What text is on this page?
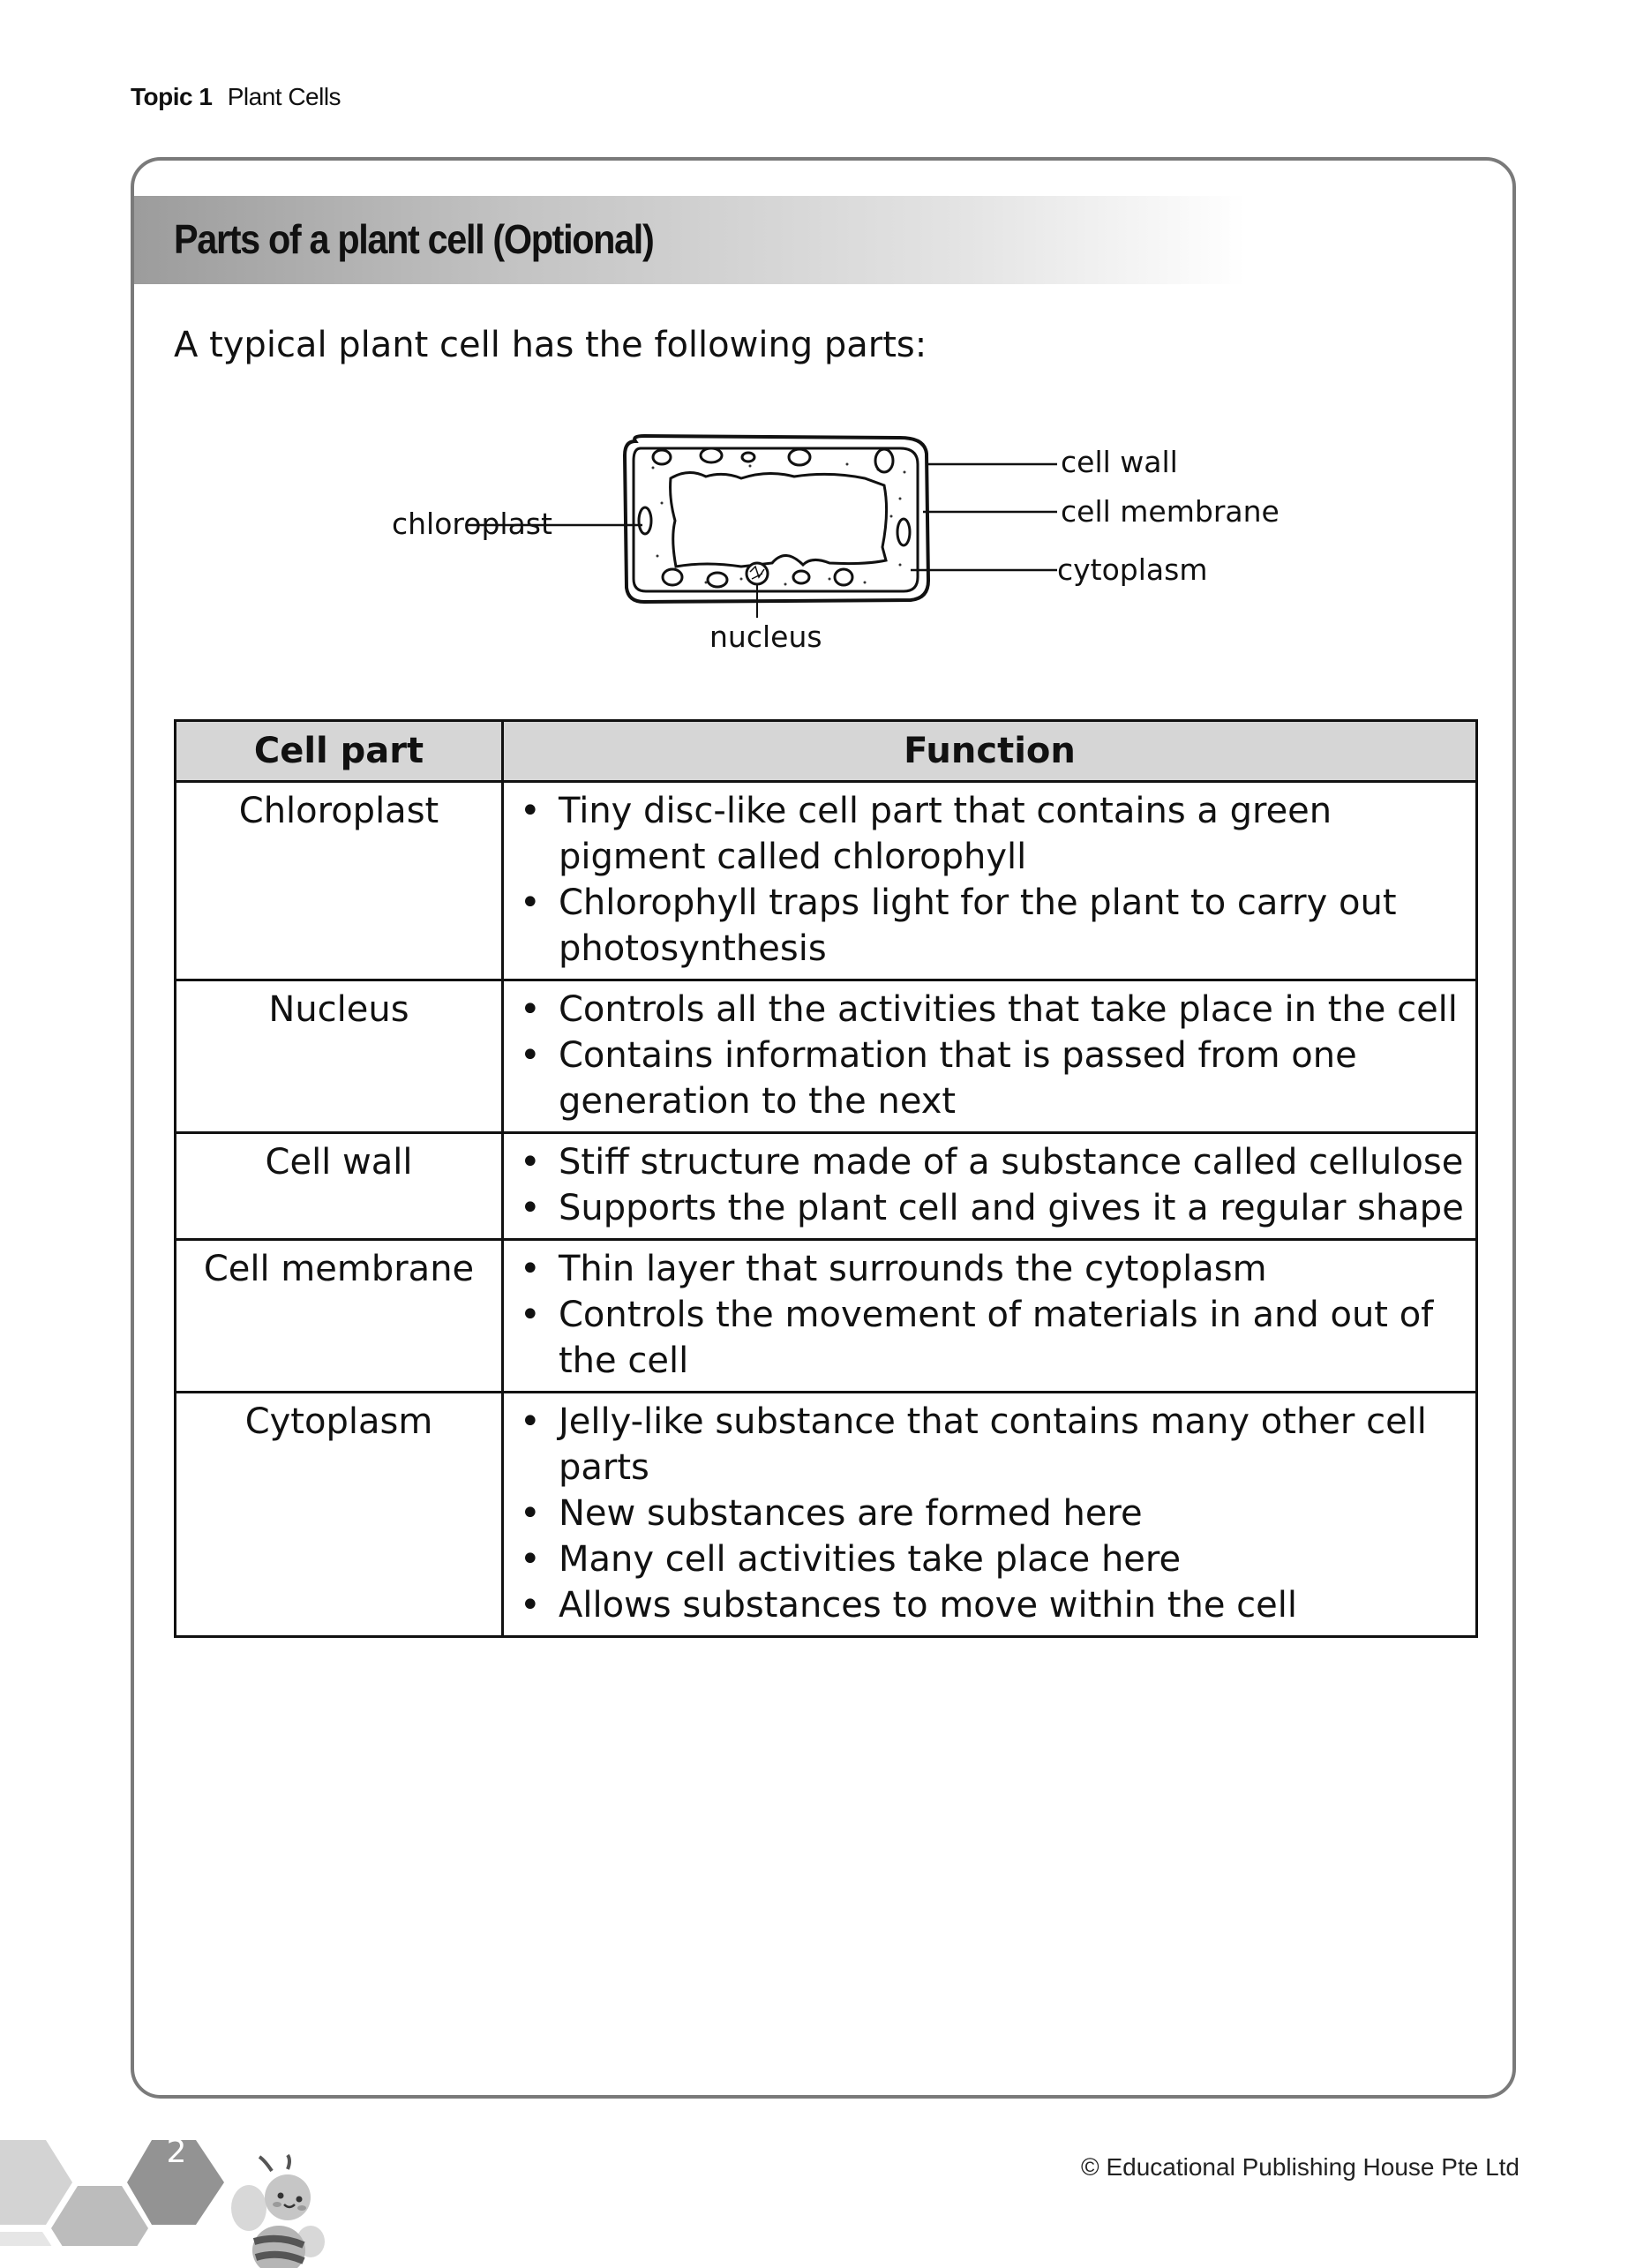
Topic 1 Plant Cells
Parts of a plant cell (Optional)
A typical plant cell has the following parts:
chloroplast
cell wall
cell membrane
cytoplasm
nucleus
Cell part	Function
Chloroplast	
•Tiny disc-like cell part that contains a green pigment called chlorophyll
• Chlorophyll traps light for the plant to carry out photosynthesis

Nucleus	
•Controls all the activities that take place in the cell
• Contains information that is passed from one generation to the next

Cell wall	
•Stiff structure made of a substance called cellulose
• Supports the plant cell and gives it a regular shape

Cell membrane	
•Thin layer that surrounds the cytoplasm
• Controls the movement of materials in and out of the cell

Cytoplasm	
•Jelly-like substance that contains many other cell parts
• New substances are formed here
• Many cell activities take place here
• Allows substances to move within the cell
2	© Educational Publishing House Pte Ltd
